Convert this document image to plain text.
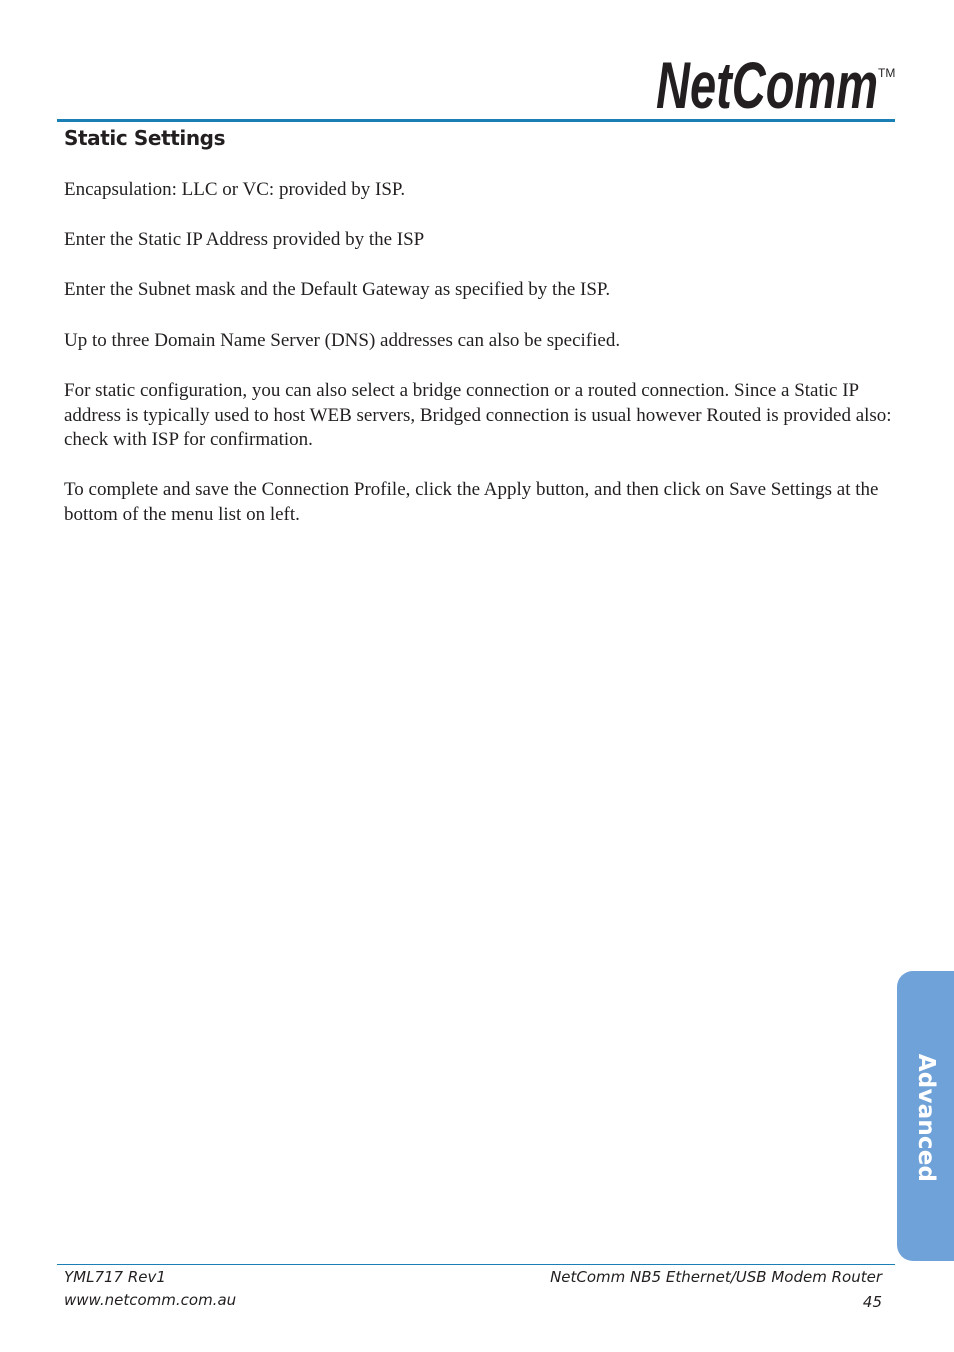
NetComm TM
Static Settings

Encapsulation: LLC or VC: provided by ISP.

Enter the Static IP Address provided by the ISP

Enter the Subnet mask and the Default Gateway as specified by the ISP.

Up to three Domain Name Server (DNS) addresses can also be specified.

For static configuration, you can also select a bridge connection or a routed connection. Since a Static IP address is typically used to host WEB servers, Bridged connection is usual however Routed is provided also: check with ISP for confirmation.

To complete and save the Connection Profile, click the Apply button, and then click on Save Settings at the bottom of the menu list on left.

Advanced
YML717 Rev1
www.netcomm.com.au
NetComm NB5 Ethernet/USB Modem Router
45
